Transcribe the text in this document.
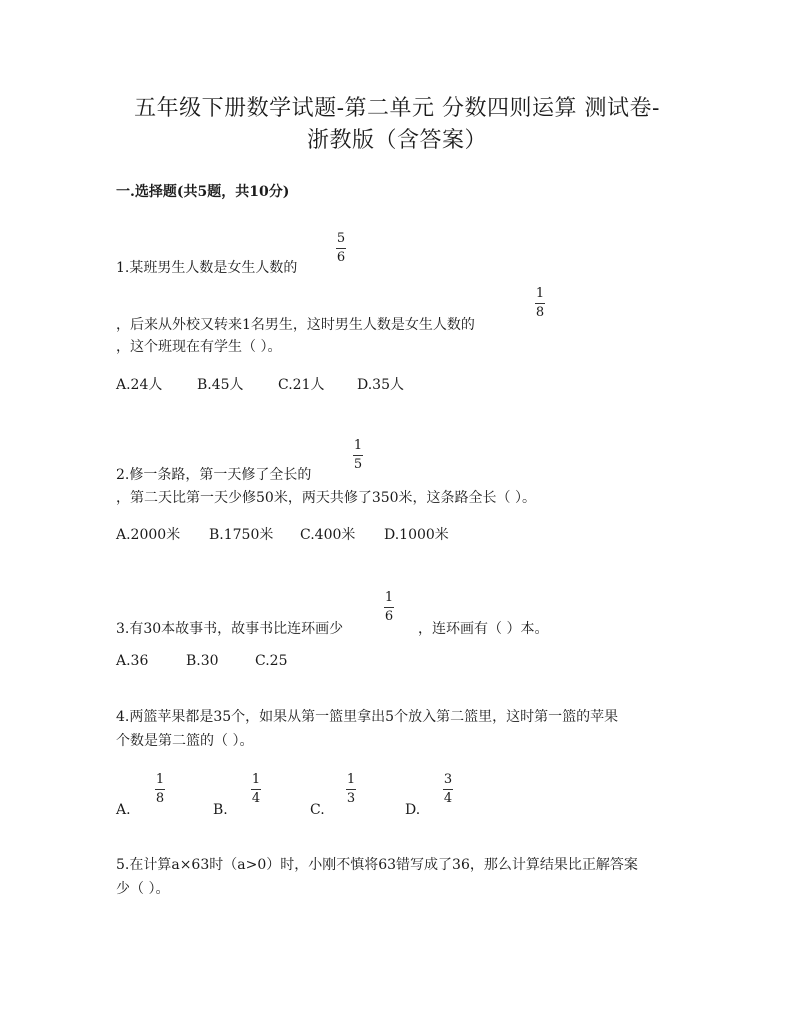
五年级下册数学试题-第二单元 分数四则运算 测试卷-
浙教版（含答案）
一.选择题(共5题，共10分)
5
6
1.某班男生人数是女生人数的
1
8
，后来从外校又转来1名男生，这时男生人数是女生人数的
，这个班现在有学生（ ）。
A.24人 B.45人 C.21人 D.35人
1
5
2.修一条路，第一天修了全长的
，第二天比第一天少修50米，两天共修了350米，这条路全长（ ）。
A.2000米 B.1750米 C.400米 D.1000米
1
6
3.有30本故事书，故事书比连环画少	，连环画有（ ）本。
A.36	B.30	C.25
4.两篮苹果都是35个，如果从第一篮里拿出5个放入第二篮里，这时第一篮的苹果
个数是第二篮的（ ）。
A.
1
8
B.
1
4
C.
1
3
D.
3
4
5.在计算a×63时（a>0）时，小刚不慎将63错写成了36，那么计算结果比正解答案
少（ ）。
